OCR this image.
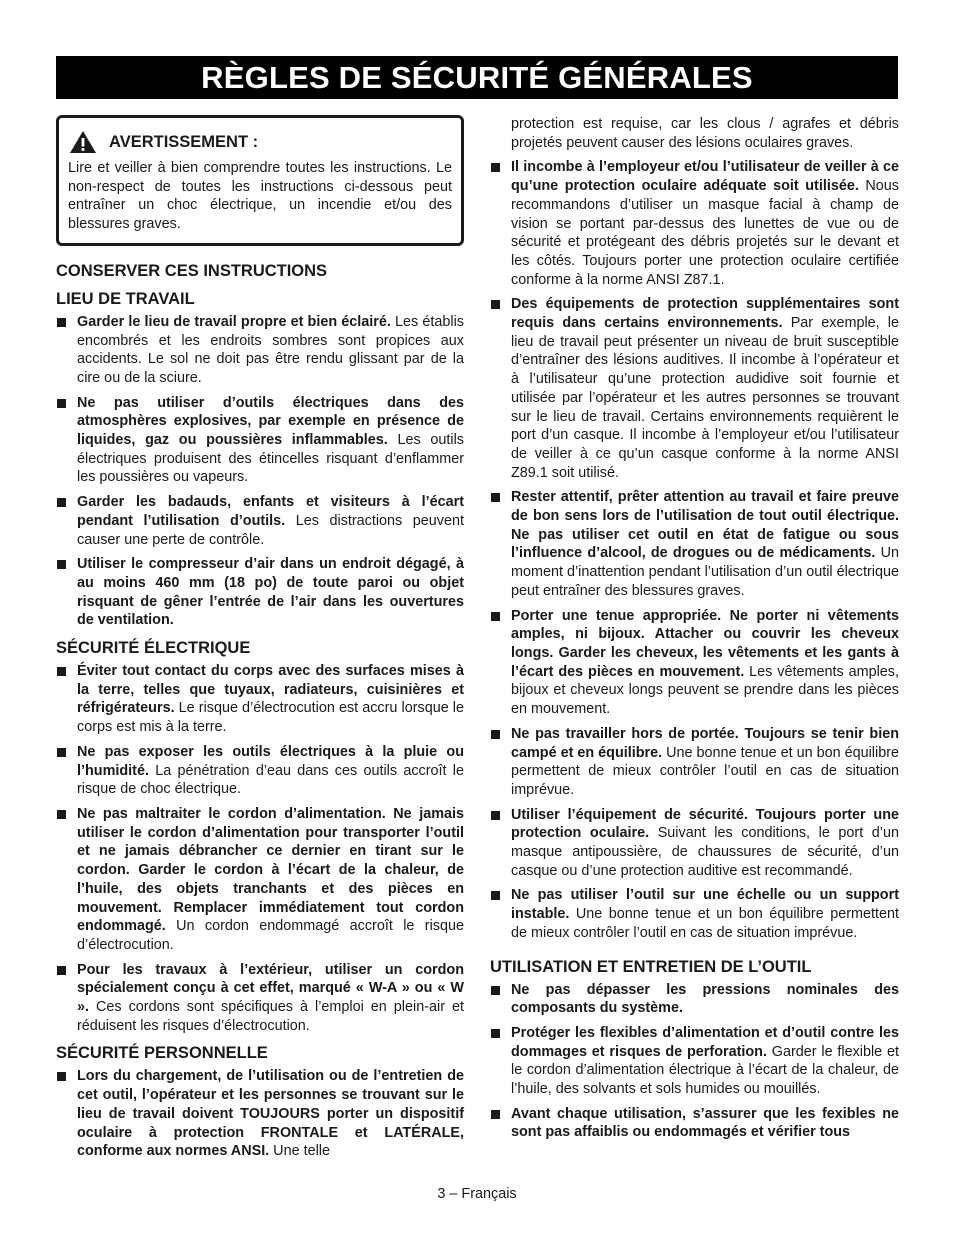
RÈGLES DE SÉCURITÉ GÉNÉRALES
AVERTISSEMENT :

Lire et veiller à bien comprendre toutes les instructions. Le non-respect de toutes les instructions ci-dessous peut entraîner un choc électrique, un incendie et/ou des blessures graves.

CONSERVER CES INSTRUCTIONS
LIEU DE TRAVAIL
Garder le lieu de travail propre et bien éclairé. Les établis encombrés et les endroits sombres sont propices aux accidents. Le sol ne doit pas être rendu glissant par de la cire ou de la sciure.
Ne pas utiliser d’outils électriques dans des atmosphères explosives, par exemple en présence de liquides, gaz ou poussières inflammables. Les outils électriques produisent des étincelles risquant d’enflammer les poussières ou vapeurs.
Garder les badauds, enfants et visiteurs à l’écart pendant l’utilisation d’outils. Les distractions peuvent causer une perte de contrôle.
Utiliser le compresseur d’air dans un endroit dégagé, à au moins 460 mm (18 po) de toute paroi ou objet risquant de gêner l’entrée de l’air dans les ouvertures de ventilation.
SÉCURITÉ ÉLECTRIQUE
Éviter tout contact du corps avec des surfaces mises à la terre, telles que tuyaux, radiateurs, cuisinières et réfrigérateurs. Le risque d’électrocution est accru lorsque le corps est mis à la terre.
Ne pas exposer les outils électriques à la pluie ou l’humidité. La pénétration d’eau dans ces outils accroît le risque de choc électrique.
Ne pas maltraiter le cordon d’alimentation. Ne jamais utiliser le cordon d’alimentation pour transporter l’outil et ne jamais débrancher ce dernier en tirant sur le cordon. Garder le cordon à l’écart de la chaleur, de l’huile, des objets tranchants et des pièces en mouvement. Remplacer immédiatement tout cordon endommagé. Un cordon endommagé accroît le risque d’électrocution.
Pour les travaux à l’extérieur, utiliser un cordon spécialement conçu à cet effet, marqué « W-A » ou « W ». Ces cordons sont spécifiques à l’emploi en plein-air et réduisent les risques d’électrocution.
SÉCURITÉ PERSONNELLE
Lors du chargement, de l’utilisation ou de l’entretien de cet outil, l’opérateur et les personnes se trouvant sur le lieu de travail doivent TOUJOURS porter un dispositif oculaire à protection FRONTALE et LATÉRALE, conforme aux normes ANSI. Une telle
protection est requise, car les clous / agrafes et débris projetés peuvent causer des lésions oculaires graves.
Il incombe à l’employeur et/ou l’utilisateur de veiller à ce qu’une protection oculaire adéquate soit utilisée. Nous recommandons d’utiliser un masque facial à champ de vision se portant par-dessus des lunettes de vue ou de sécurité et protégeant des débris projetés sur le devant et les côtés. Toujours porter une protection oculaire certifiée conforme à la norme ANSI Z87.1.
Des équipements de protection supplémentaires sont requis dans certains environnements. Par exemple, le lieu de travail peut présenter un niveau de bruit susceptible d’entraîner des lésions auditives. Il incombe à l’opérateur et à l’utilisateur qu’une protection audidive soit fournie et utilisée par l’opérateur et les autres personnes se trouvant sur le lieu de travail. Certains environnements requièrent le port d’un casque. Il incombe à l’employeur et/ou l’utilisateur de veiller à ce qu’un casque conforme à la norme ANSI Z89.1 soit utilisé.
Rester attentif, prêter attention au travail et faire preuve de bon sens lors de l’utilisation de tout outil électrique. Ne pas utiliser cet outil en état de fatigue ou sous l’influence d’alcool, de drogues ou de médicaments. Un moment d’inattention pendant l’utilisation d’un outil électrique peut entraîner des blessures graves.
Porter une tenue appropriée. Ne porter ni vêtements amples, ni bijoux. Attacher ou couvrir les cheveux longs. Garder les cheveux, les vêtements et les gants à l’écart des pièces en mouvement. Les vêtements amples, bijoux et cheveux longs peuvent se prendre dans les pièces en mouvement.
Ne pas travailler hors de portée. Toujours se tenir bien campé et en équilibre. Une bonne tenue et un bon équilibre permettent de mieux contrôler l’outil en cas de situation imprévue.
Utiliser l’équipement de sécurité. Toujours porter une protection oculaire. Suivant les conditions, le port d’un masque antipoussière, de chaussures de sécurité, d’un casque ou d’une protection auditive est recommandé.
Ne pas utiliser l’outil sur une échelle ou un support instable. Une bonne tenue et un bon équilibre permettent de mieux contrôler l’outil en cas de situation imprévue.
UTILISATION ET ENTRETIEN DE L’OUTIL
Ne pas dépasser les pressions nominales des composants du système.
Protéger les flexibles d’alimentation et d’outil contre les dommages et risques de perforation. Garder le flexible et le cordon d’alimentation électrique à l’écart de la chaleur, de l’huile, des solvants et sols humides ou mouillés.
Avant chaque utilisation, s’assurer que les fexibles ne sont pas affaiblis ou endommagés et vérifier tous
3 – Français
